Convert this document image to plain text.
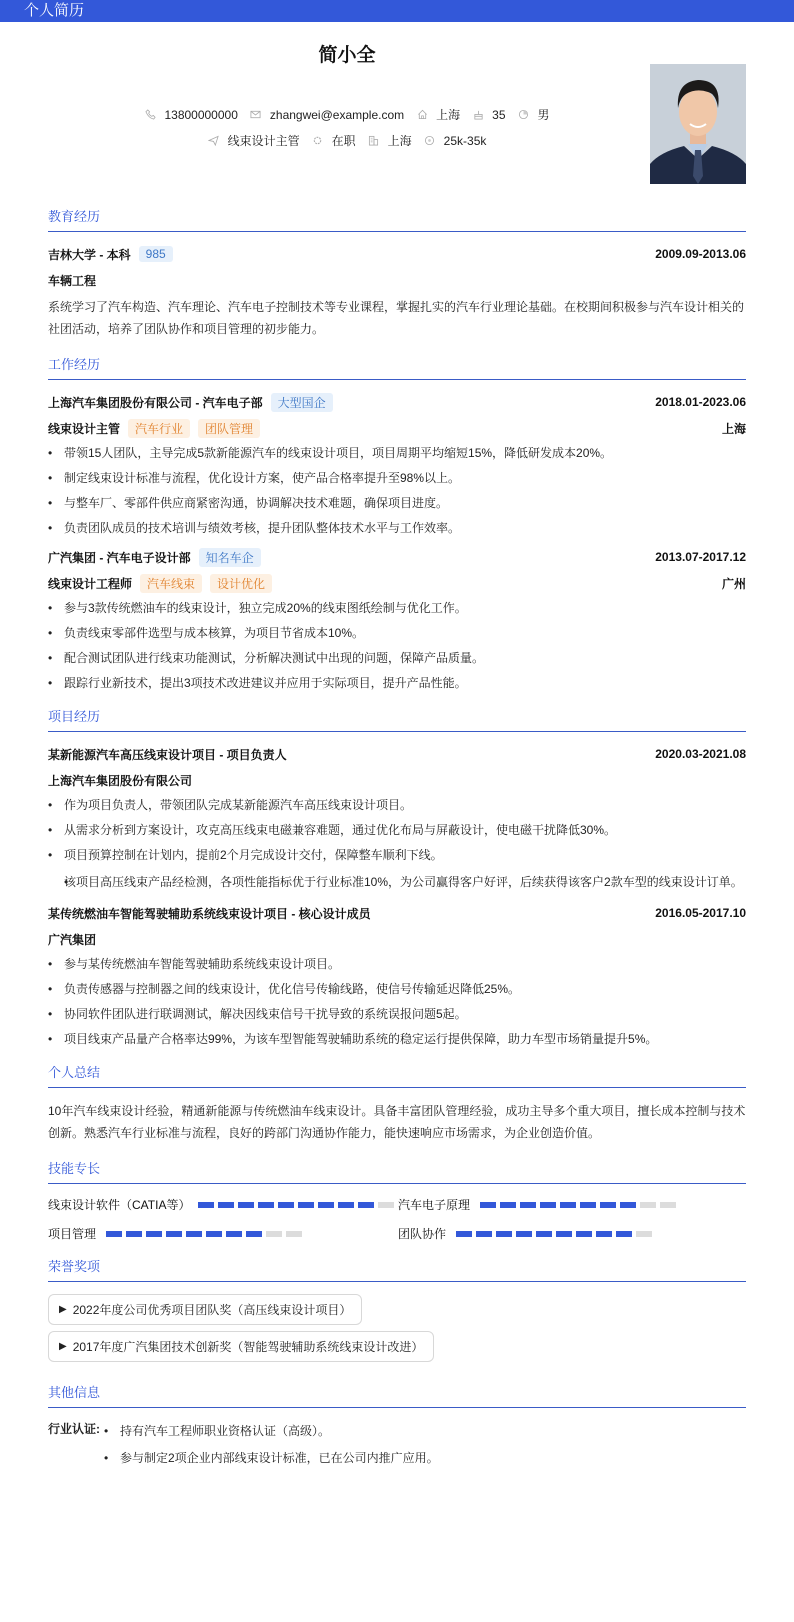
个人简历
简小全
13800000000	zhangwei@example.com	上海	35	男
线束设计主管	在职	上海	25k-35k
教育经历
吉林大学 - 本科	985	2009.09-2013.06
车辆工程
系统学习了汽车构造、汽车理论、汽车电子控制技术等专业课程，掌握扎实的汽车行业理论基础。在校期间积极参与汽车设计相关的社团活动，培养了团队协作和项目管理的初步能力。
工作经历
上海汽车集团股份有限公司 - 汽车电子部	大型国企	2018.01-2023.06
线束设计主管	汽车行业	团队管理	上海
• 带领15人团队，主导完成5款新能源汽车的线束设计项目，项目周期平均缩短15%，降低研发成本20%。
• 制定线束设计标准与流程，优化设计方案，使产品合格率提升至98%以上。
• 与整车厂、零部件供应商紧密沟通，协调解决技术难题，确保项目进度。
• 负责团队成员的技术培训与绩效考核，提升团队整体技术水平与工作效率。
广汽集团 - 汽车电子设计部	知名车企	2013.07-2017.12
线束设计工程师	汽车线束	设计优化	广州
• 参与3款传统燃油车的线束设计，独立完成20%的线束图纸绘制与优化工作。
• 负责线束零部件选型与成本核算，为项目节省成本10%。
• 配合测试团队进行线束功能测试，分析解决测试中出现的问题，保障产品质量。
• 跟踪行业新技术，提出3项技术改进建议并应用于实际项目，提升产品性能。
项目经历
某新能源汽车高压线束设计项目 - 项目负责人	2020.03-2021.08
上海汽车集团股份有限公司
• 作为项目负责人，带领团队完成某新能源汽车高压线束设计项目。
• 从需求分析到方案设计，攻克高压线束电磁兼容难题，通过优化布局与屏蔽设计，使电磁干扰降低30%。
• 项目预算控制在计划内，提前2个月完成设计交付，保障整车顺利下线。
• 该项目高压线束产品经检测，各项性能指标优于行业标准10%，为公司赢得客户好评，后续获得该客户2款车型的线束设计订单。
某传统燃油车智能驾驶辅助系统线束设计项目 - 核心设计成员	2016.05-2017.10
广汽集团
• 参与某传统燃油车智能驾驶辅助系统线束设计项目。
• 负责传感器与控制器之间的线束设计，优化信号传输线路，使信号传输延迟降低25%。
• 协同软件团队进行联调测试，解决因线束信号干扰导致的系统误报问题5起。
• 项目线束产品量产合格率达99%，为该车型智能驾驶辅助系统的稳定运行提供保障，助力车型市场销量提升5%。
个人总结
10年汽车线束设计经验，精通新能源与传统燃油车线束设计。具备丰富团队管理经验，成功主导多个重大项目，擅长成本控制与技术创新。熟悉汽车行业标准与流程，良好的跨部门沟通协作能力，能快速响应市场需求，为企业创造价值。
技能专长
线束设计软件（CATIA等）	汽车电子原理
项目管理	团队协作
荣誉奖项
▶ 2022年度公司优秀项目团队奖（高压线束设计项目）
▶ 2017年度广汽集团技术创新奖（智能驾驶辅助系统线束设计改进）
其他信息
行业认证:	• 持有汽车工程师职业资格认证（高级）。
• 参与制定2项企业内部线束设计标准，已在公司内推广应用。
